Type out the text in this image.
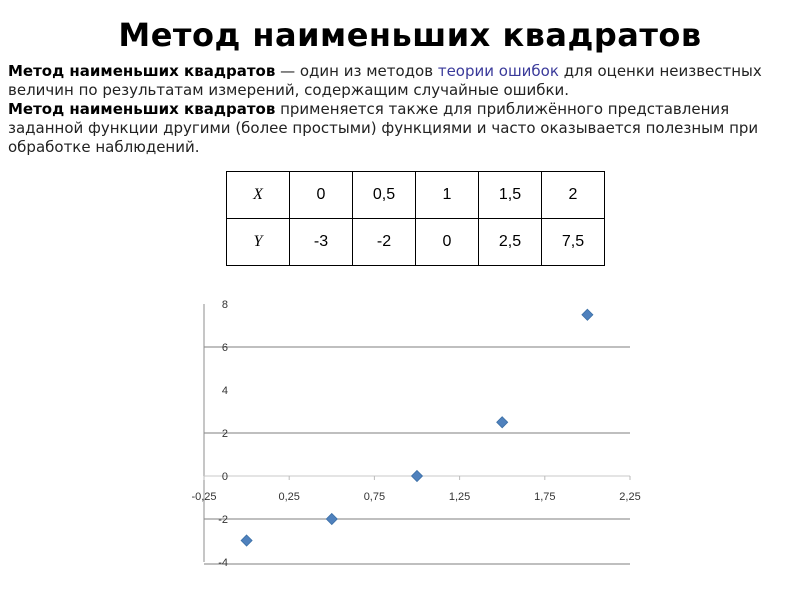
Метод наименьших квадратов
Метод наименьших квадратов — один из методов теории ошибок для оценки неизвестных величин по результатам измерений, содержащим случайные ошибки.
Метод наименьших квадратов применяется также для приближённого представления заданной функции другими (более простыми) функциями и часто оказывается полезным при обработке наблюдений.
X	0	0,5	1	1,5	2
Y	-3	-2	0	2,5	7,5
-4
-2
0
2
4
6
8
-0,25	0,25	0,75	1,25	1,75	2,25
